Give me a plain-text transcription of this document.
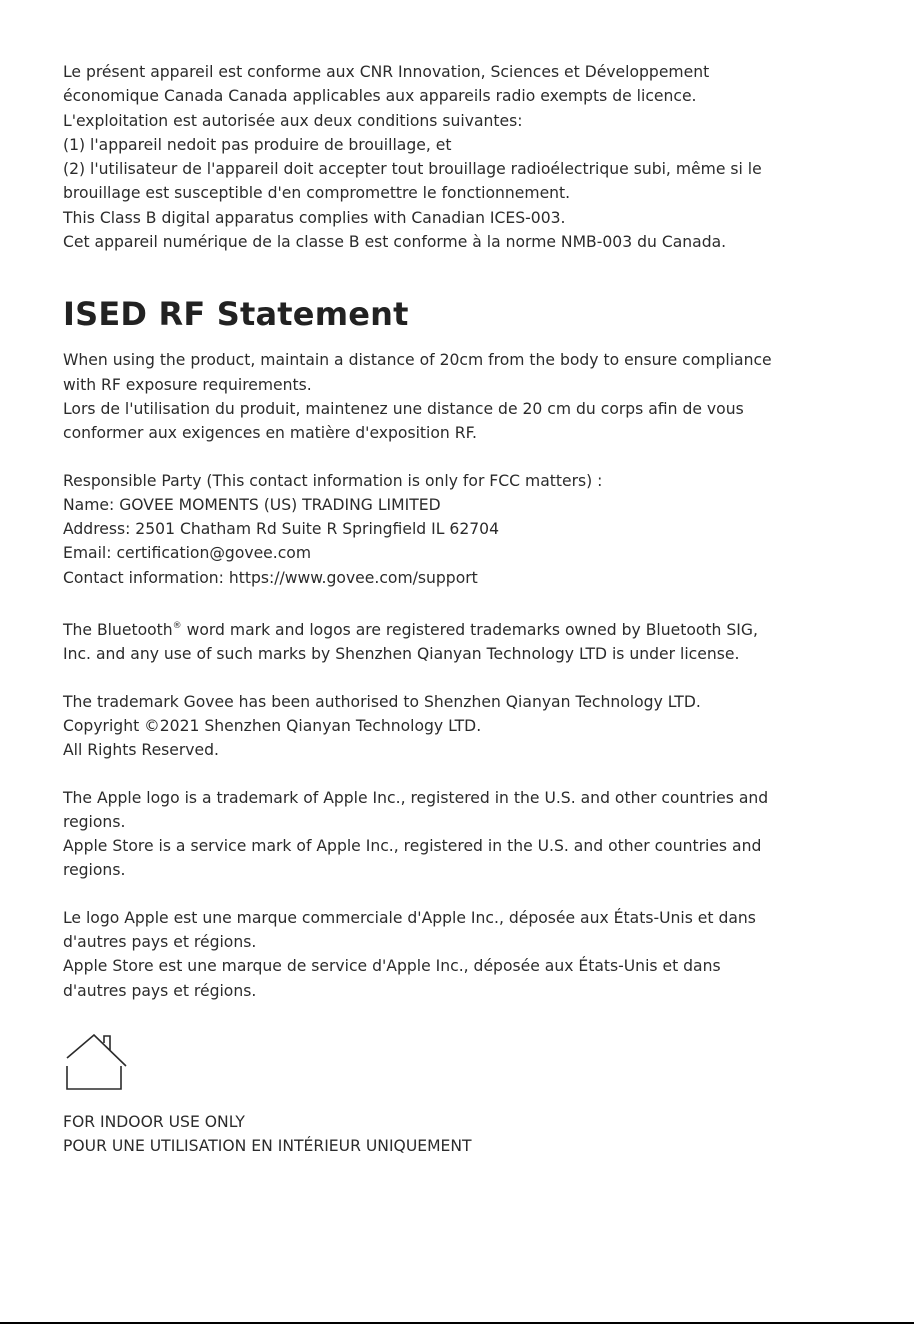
Le présent appareil est conforme aux CNR Innovation, Sciences et Développement
économique Canada Canada applicables aux appareils radio exempts de licence.
L'exploitation est autorisée aux deux conditions suivantes:
(1) l'appareil nedoit pas produire de brouillage, et
(2) l'utilisateur de l'appareil doit accepter tout brouillage radioélectrique subi, même si le
brouillage est susceptible d'en compromettre le fonctionnement.
This Class B digital apparatus complies with Canadian ICES-003.
Cet appareil numérique de la classe B est conforme à la norme NMB-003 du Canada.

ISED RF Statement

When using the product, maintain a distance of 20cm from the body to ensure compliance
with RF exposure requirements.
Lors de l'utilisation du produit, maintenez une distance de 20 cm du corps afin de vous
conformer aux exigences en matière d'exposition RF.

Responsible Party (This contact information is only for FCC matters) :
Name: GOVEE MOMENTS (US) TRADING LIMITED
Address: 2501 Chatham Rd Suite R Springfield IL 62704
Email: certification@govee.com
Contact information: https://www.govee.com/support

The Bluetooth® word mark and logos are registered trademarks owned by Bluetooth SIG,
Inc. and any use of such marks by Shenzhen Qianyan Technology LTD is under license.

The trademark Govee has been authorised to Shenzhen Qianyan Technology LTD.
Copyright ©2021 Shenzhen Qianyan Technology LTD.
All Rights Reserved.

The Apple logo is a trademark of Apple Inc., registered in the U.S. and other countries and
regions.
Apple Store is a service mark of Apple Inc., registered in the U.S. and other countries and
regions.

Le logo Apple est une marque commerciale d'Apple Inc., déposée aux États-Unis et dans
d'autres pays et régions.
Apple Store est une marque de service d'Apple Inc., déposée aux États-Unis et dans
d'autres pays et régions.

FOR INDOOR USE ONLY
POUR UNE UTILISATION EN INTÉRIEUR UNIQUEMENT
